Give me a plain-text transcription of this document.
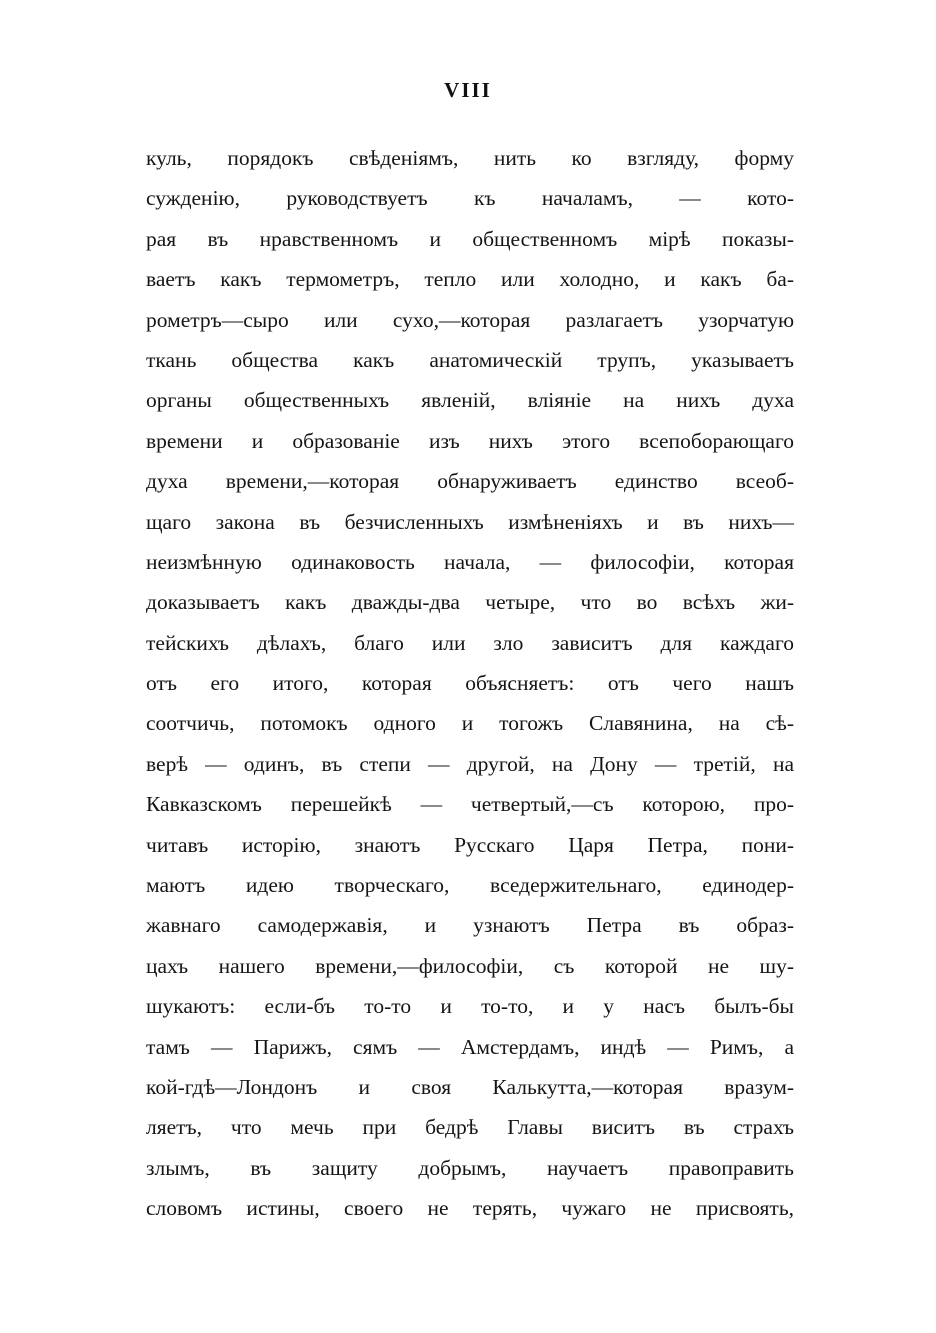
VIII
куль, порядокъ свѣденіямъ, нить ко взгляду, форму
сужденію, руководствуетъ къ началамъ, — кото-
рая въ нравственномъ и общественномъ мірѣ показы-
ваетъ какъ термометръ, тепло или холодно, и какъ ба-
рометръ—сыро или сухо,—которая разлагаетъ узорчатую
ткань общества какъ анатомическій трупъ, указываетъ
органы общественныхъ явленій, вліяніе на нихъ духа
времени и образованіе изъ нихъ этого всепоборающаго
духа времени,—которая обнаруживаетъ единство всеоб-
щаго закона въ безчисленныхъ измѣненіяхъ и въ нихъ—
неизмѣнную одинаковость начала, — философіи, которая
доказываетъ какъ дважды-два четыре, что во всѣхъ жи-
тейскихъ дѣлахъ, благо или зло зависитъ для каждаго
отъ его итого, которая объясняетъ: отъ чего нашъ
соотчичь, потомокъ одного и тогожъ Славянина, на сѣ-
верѣ — одинъ, въ степи — другой, на Дону — третій, на
Кавказскомъ перешейкѣ — четвертый,—съ которою, про-
читавъ исторію, знаютъ Русскаго Царя Петра, пони-
маютъ идею творческаго, вседержительнаго, единодер-
жавнаго самодержавія, и узнаютъ Петра въ образ-
цахъ нашего времени,—философіи, съ которой не шу-
шукаютъ: если-бъ то-то и то-то, и у насъ былъ-бы
тамъ — Парижъ, сямъ — Амстердамъ, индѣ — Римъ, а
кой-гдѣ—Лондонъ и своя Калькутта,—которая вразум-
ляетъ, что мечь при бедрѣ Главы виситъ въ страхъ
злымъ, въ защиту добрымъ, научаетъ правоправить
словомъ истины, своего не терять, чужаго не присвоять,
